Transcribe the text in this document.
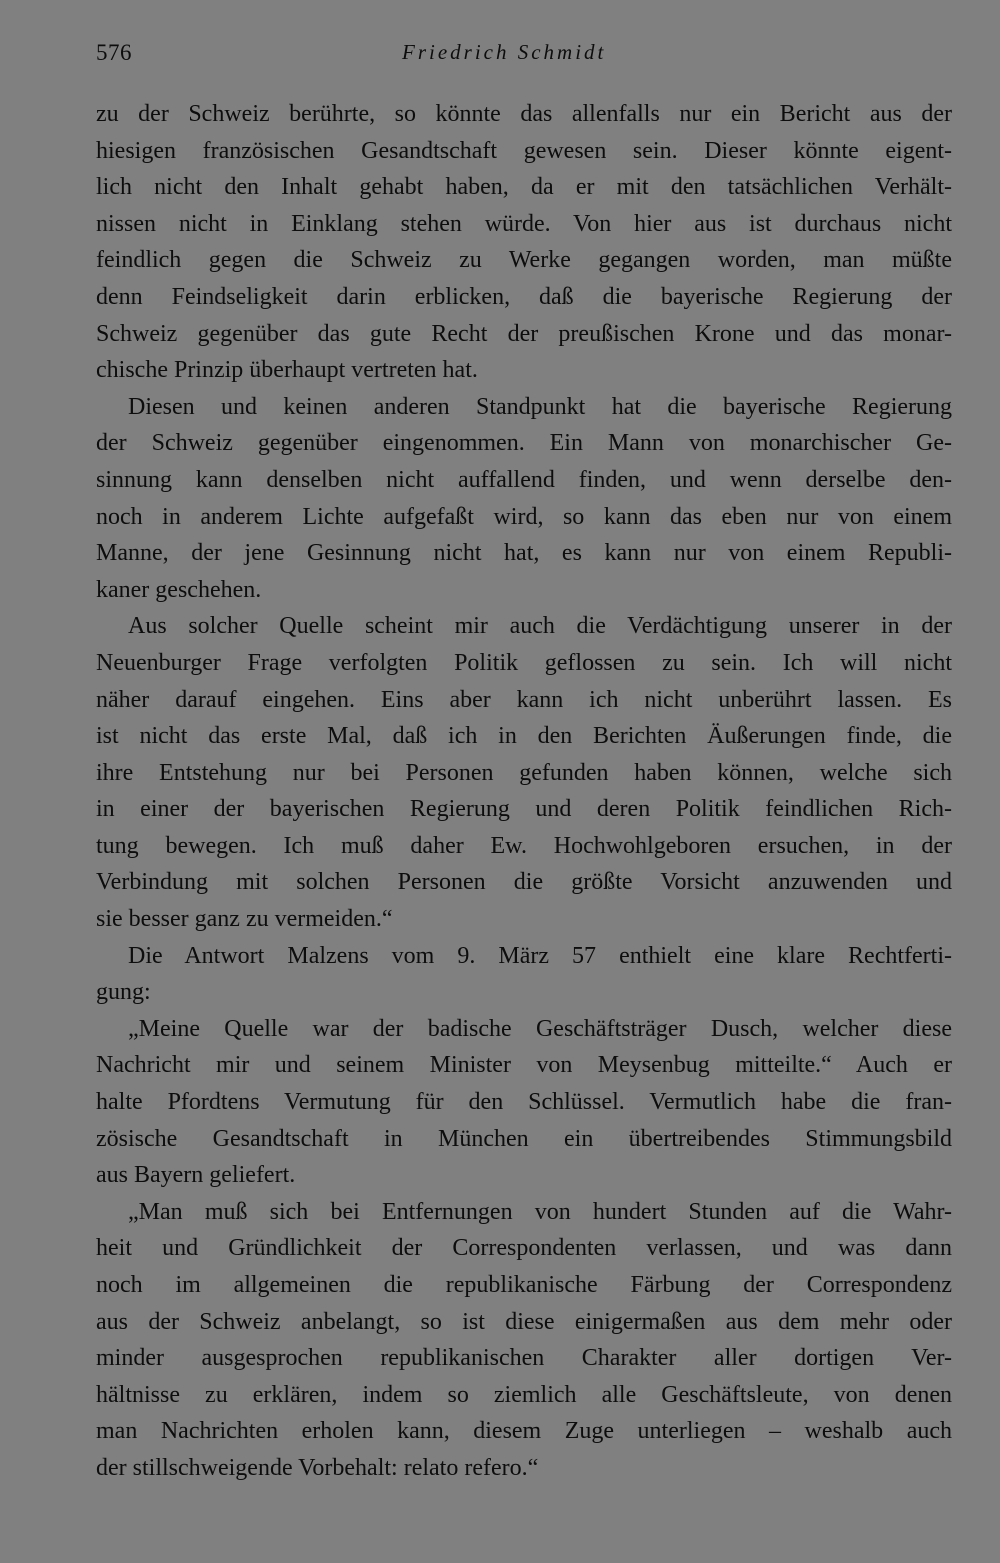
576	Friedrich Schmidt
zu der Schweiz berührte, so könnte das allenfalls nur ein Bericht aus der
hiesigen französischen Gesandtschaft gewesen sein. Dieser könnte eigent-
lich nicht den Inhalt gehabt haben, da er mit den tatsächlichen Verhält-
nissen nicht in Einklang stehen würde. Von hier aus ist durchaus nicht
feindlich gegen die Schweiz zu Werke gegangen worden, man müßte
denn Feindseligkeit darin erblicken, daß die bayerische Regierung der
Schweiz gegenüber das gute Recht der preußischen Krone und das monar-
chische Prinzip überhaupt vertreten hat.
Diesen und keinen anderen Standpunkt hat die bayerische Regierung
der Schweiz gegenüber eingenommen. Ein Mann von monarchischer Ge-
sinnung kann denselben nicht auffallend finden, und wenn derselbe den-
noch in anderem Lichte aufgefaßt wird, so kann das eben nur von einem
Manne, der jene Gesinnung nicht hat, es kann nur von einem Republi-
kaner geschehen.
Aus solcher Quelle scheint mir auch die Verdächtigung unserer in der
Neuenburger Frage verfolgten Politik geflossen zu sein. Ich will nicht
näher darauf eingehen. Eins aber kann ich nicht unberührt lassen. Es
ist nicht das erste Mal, daß ich in den Berichten Äußerungen finde, die
ihre Entstehung nur bei Personen gefunden haben können, welche sich
in einer der bayerischen Regierung und deren Politik feindlichen Rich-
tung bewegen. Ich muß daher Ew. Hochwohlgeboren ersuchen, in der
Verbindung mit solchen Personen die größte Vorsicht anzuwenden und
sie besser ganz zu vermeiden.“
Die Antwort Malzens vom 9. März 57 enthielt eine klare Rechtferti-
gung:
„Meine Quelle war der badische Geschäftsträger Dusch, welcher diese
Nachricht mir und seinem Minister von Meysenbug mitteilte.“ Auch er
halte Pfordtens Vermutung für den Schlüssel. Vermutlich habe die fran-
zösische Gesandtschaft in München ein übertreibendes Stimmungsbild
aus Bayern geliefert.
„Man muß sich bei Entfernungen von hundert Stunden auf die Wahr-
heit und Gründlichkeit der Correspondenten verlassen, und was dann
noch im allgemeinen die republikanische Färbung der Correspondenz
aus der Schweiz anbelangt, so ist diese einigermaßen aus dem mehr oder
minder ausgesprochen republikanischen Charakter aller dortigen Ver-
hältnisse zu erklären, indem so ziemlich alle Geschäftsleute, von denen
man Nachrichten erholen kann, diesem Zuge unterliegen – weshalb auch
der stillschweigende Vorbehalt: relato refero.“
